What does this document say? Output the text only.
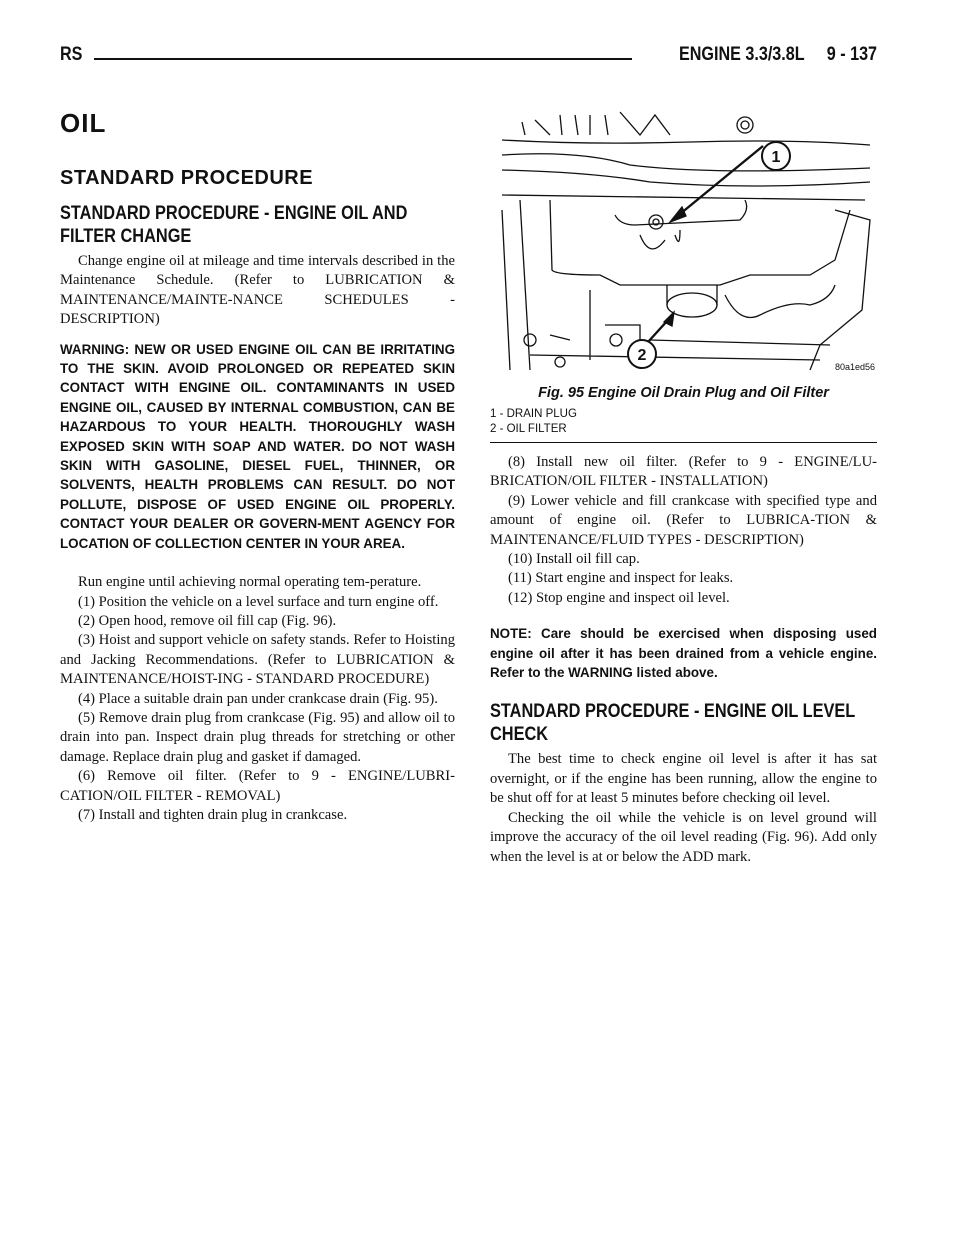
RS	ENGINE 3.3/3.8L     9 - 137
OIL
STANDARD PROCEDURE
STANDARD PROCEDURE - ENGINE OIL AND FILTER CHANGE

Change engine oil at mileage and time intervals described in the Maintenance Schedule. (Refer to LUBRICATION & MAINTENANCE/MAINTE-NANCE SCHEDULES - DESCRIPTION)

WARNING: NEW OR USED ENGINE OIL CAN BE IRRITATING TO THE SKIN. AVOID PROLONGED OR REPEATED SKIN CONTACT WITH ENGINE OIL. CONTAMINANTS IN USED ENGINE OIL, CAUSED BY INTERNAL COMBUSTION, CAN BE HAZARDOUS TO YOUR HEALTH. THOROUGHLY WASH EXPOSED SKIN WITH SOAP AND WATER. DO NOT WASH SKIN WITH GASOLINE, DIESEL FUEL, THINNER, OR SOLVENTS, HEALTH PROBLEMS CAN RESULT. DO NOT POLLUTE, DISPOSE OF USED ENGINE OIL PROPERLY. CONTACT YOUR DEALER OR GOVERN-MENT AGENCY FOR LOCATION OF COLLECTION CENTER IN YOUR AREA.

Run engine until achieving normal operating tem-perature.

(1) Position the vehicle on a level surface and turn engine off.

(2) Open hood, remove oil fill cap (Fig. 96).

(3) Hoist and support vehicle on safety stands. Refer to Hoisting and Jacking Recommendations. (Refer to LUBRICATION & MAINTENANCE/HOIST-ING - STANDARD PROCEDURE)

(4) Place a suitable drain pan under crankcase drain (Fig. 95).

(5) Remove drain plug from crankcase (Fig. 95) and allow oil to drain into pan. Inspect drain plug threads for stretching or other damage. Replace drain plug and gasket if damaged.

(6) Remove oil filter. (Refer to 9 - ENGINE/LUBRI-CATION/OIL FILTER - REMOVAL)

(7) Install and tighten drain plug in crankcase.

1
2
80a1ed56
Fig. 95 Engine Oil Drain Plug and Oil Filter
1 - DRAIN PLUG
2 - OIL FILTER

(8) Install new oil filter. (Refer to 9 - ENGINE/LU-BRICATION/OIL FILTER - INSTALLATION)

(9) Lower vehicle and fill crankcase with specified type and amount of engine oil. (Refer to LUBRICA-TION & MAINTENANCE/FLUID TYPES - DESCRIPTION)

(10) Install oil fill cap.

(11) Start engine and inspect for leaks.

(12) Stop engine and inspect oil level.

NOTE: Care should be exercised when disposing used engine oil after it has been drained from a vehicle engine. Refer to the WARNING listed above.

STANDARD PROCEDURE - ENGINE OIL LEVEL CHECK

The best time to check engine oil level is after it has sat overnight, or if the engine has been running, allow the engine to be shut off for at least 5 minutes before checking oil level.

Checking the oil while the vehicle is on level ground will improve the accuracy of the oil level reading (Fig. 96). Add only when the level is at or below the ADD mark.
